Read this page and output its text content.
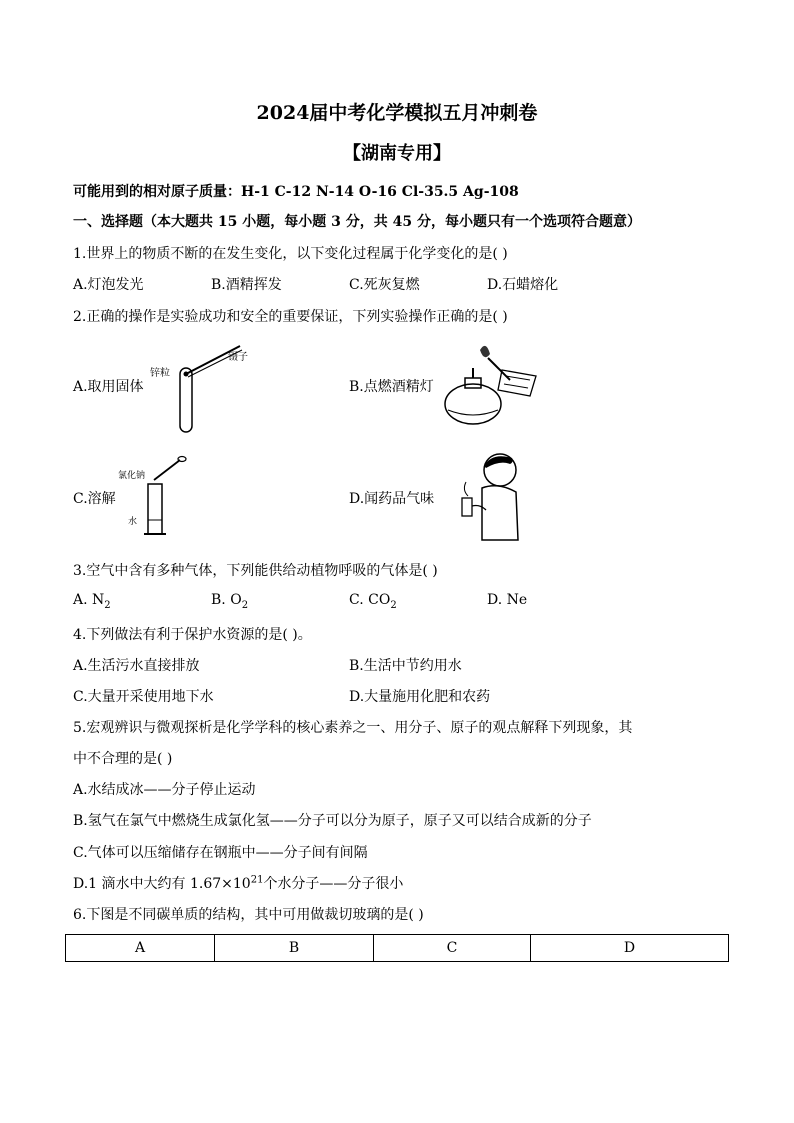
2024届中考化学模拟五月冲刺卷
【湖南专用】
可能用到的相对原子质量：H-1 C-12 N-14 O-16 Cl-35.5 Ag-108
一、选择题（本大题共 15 小题，每小题 3 分，共 45 分，每小题只有一个选项符合题意）
1.世界上的物质不断的在发生变化，以下变化过程属于化学变化的是( )
A.灯泡发光	B.酒精挥发	C.死灰复燃	D.石蜡熔化
2.正确的操作是实验成功和安全的重要保证，下列实验操作正确的是( )
A.取用固体
锌粒
镊子
B.点燃酒精灯
C.溶解
氯化钠
水
D.闻药品气味
3.空气中含有多种气体，下列能供给动植物呼吸的气体是( )
A. $N_2$	B. $O_2$	C. $CO_2$	D. Ne
4.下列做法有利于保护水资源的是( )。
A.生活污水直接排放	B.生活中节约用水
C.大量开采使用地下水	D.大量施用化肥和农药
5.宏观辨识与微观探析是化学学科的核心素养之一、用分子、原子的观点解释下列现象，其
中不合理的是( )
A.水结成冰——分子停止运动
B.氢气在氯气中燃烧生成氯化氢——分子可以分为原子，原子又可以结合成新的分子
C.气体可以压缩储存在钢瓶中——分子间有间隔
D.1 滴水中大约有 $1.67\times 10^{21}$个水分子——分子很小
6.下图是不同碳单质的结构，其中可用做裁切玻璃的是( )
A	B	C	D
